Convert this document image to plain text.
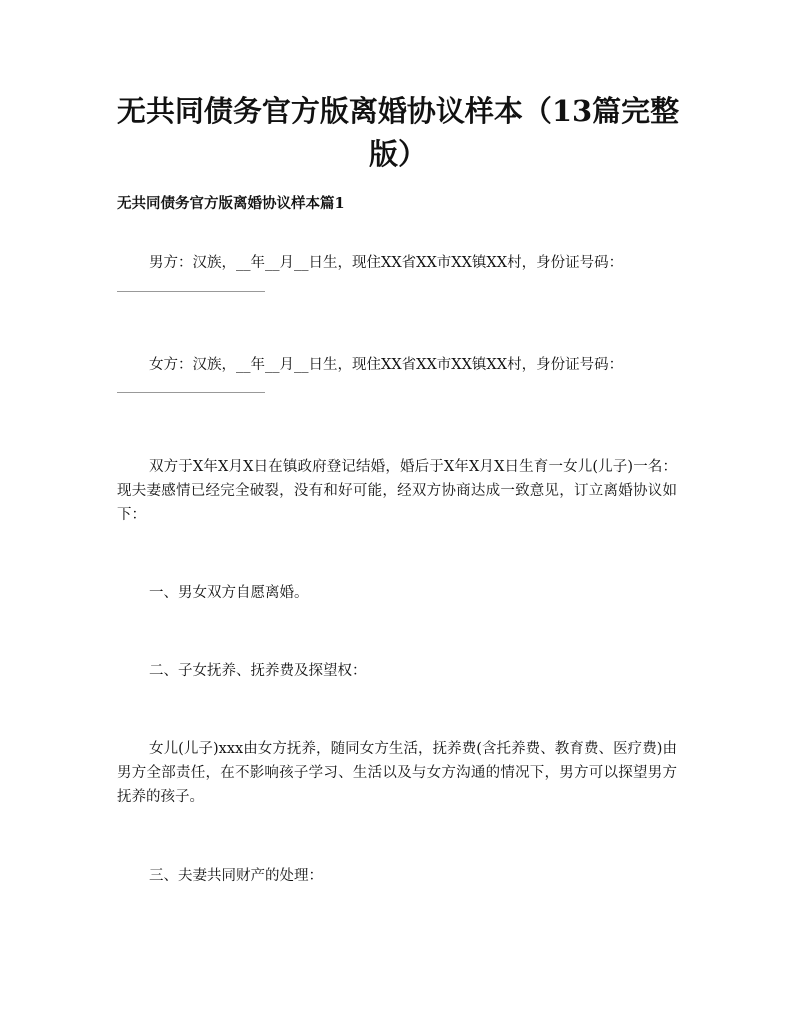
无共同债务官方版离婚协议样本（13篇完整版）
无共同债务官方版离婚协议样本篇1
男方：汉族，__年__月__日生，现住XX省XX市XX镇XX村，身份证号码：
女方：汉族，__年__月__日生，现住XX省XX市XX镇XX村，身份证号码：
双方于X年X月X日在镇政府登记结婚，婚后于X年X月X日生育一女儿(儿子)一名：现夫妻感情已经完全破裂，没有和好可能，经双方协商达成一致意见，订立离婚协议如下：
一、男女双方自愿离婚。
二、子女抚养、抚养费及探望权：
女儿(儿子)xxx由女方抚养，随同女方生活，抚养费(含托养费、教育费、医疗费)由男方全部责任，在不影响孩子学习、生活以及与女方沟通的情况下，男方可以探望男方抚养的孩子。
三、夫妻共同财产的处理：
